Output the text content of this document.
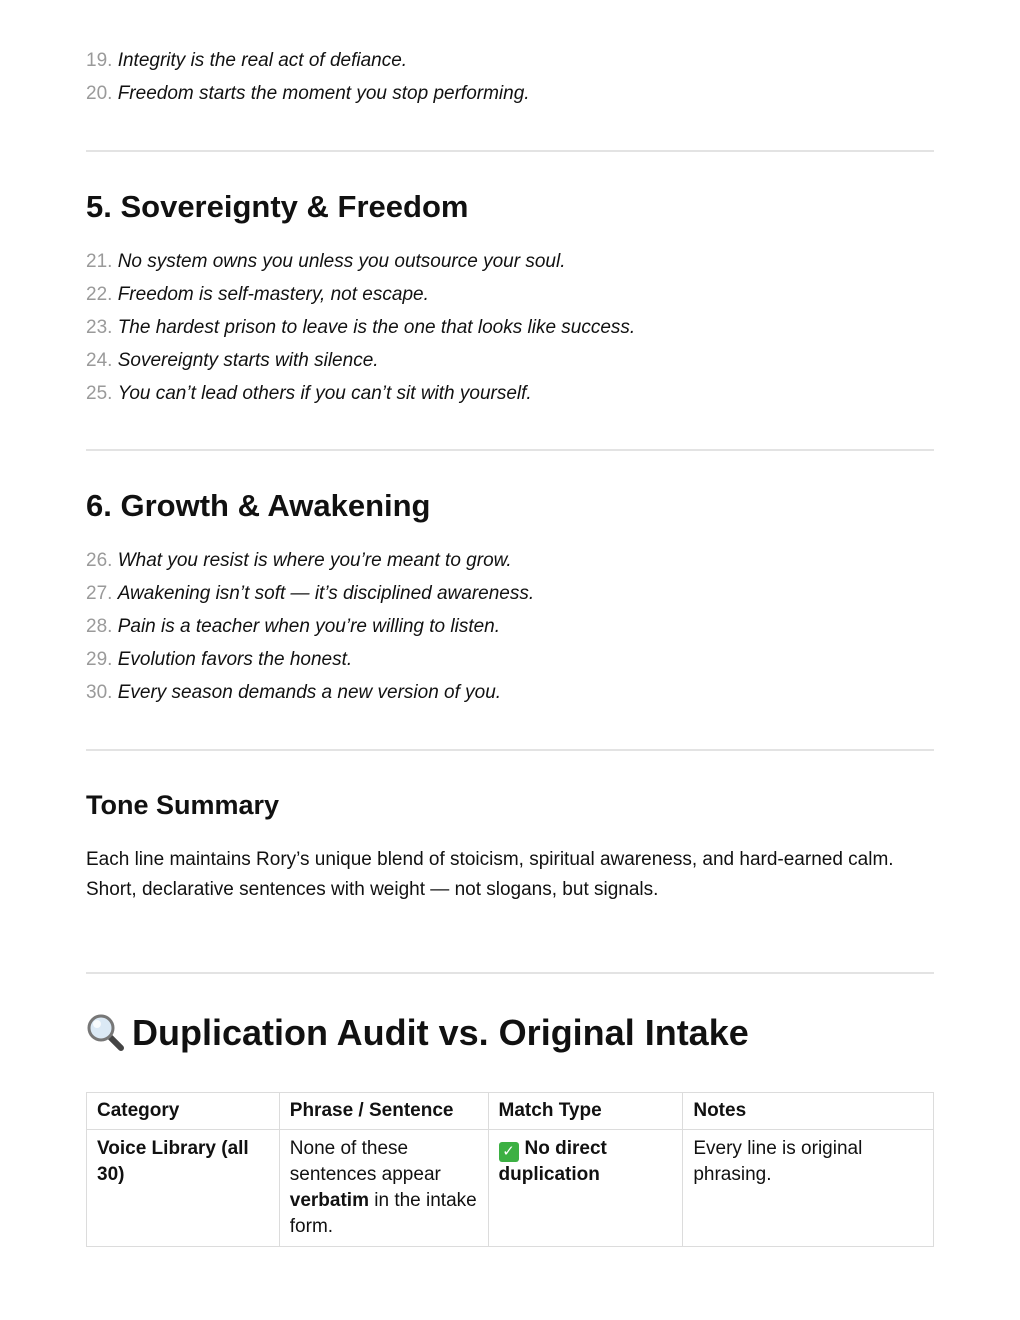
19. Integrity is the real act of defiance.
20. Freedom starts the moment you stop performing.
5. Sovereignty & Freedom
21. No system owns you unless you outsource your soul.
22. Freedom is self-mastery, not escape.
23. The hardest prison to leave is the one that looks like success.
24. Sovereignty starts with silence.
25. You can’t lead others if you can’t sit with yourself.
6. Growth & Awakening
26. What you resist is where you’re meant to grow.
27. Awakening isn’t soft — it’s disciplined awareness.
28. Pain is a teacher when you’re willing to listen.
29. Evolution favors the honest.
30. Every season demands a new version of you.
Tone Summary
Each line maintains Rory’s unique blend of stoicism, spiritual awareness, and hard-earned calm.
Short, declarative sentences with weight — not slogans, but signals.
Duplication Audit vs. Original Intake
Category	Phrase / Sentence	Match Type	Notes
Voice Library (all 30)	None of these sentences appear verbatim in the intake form.	✓ No direct duplication	Every line is original phrasing.
